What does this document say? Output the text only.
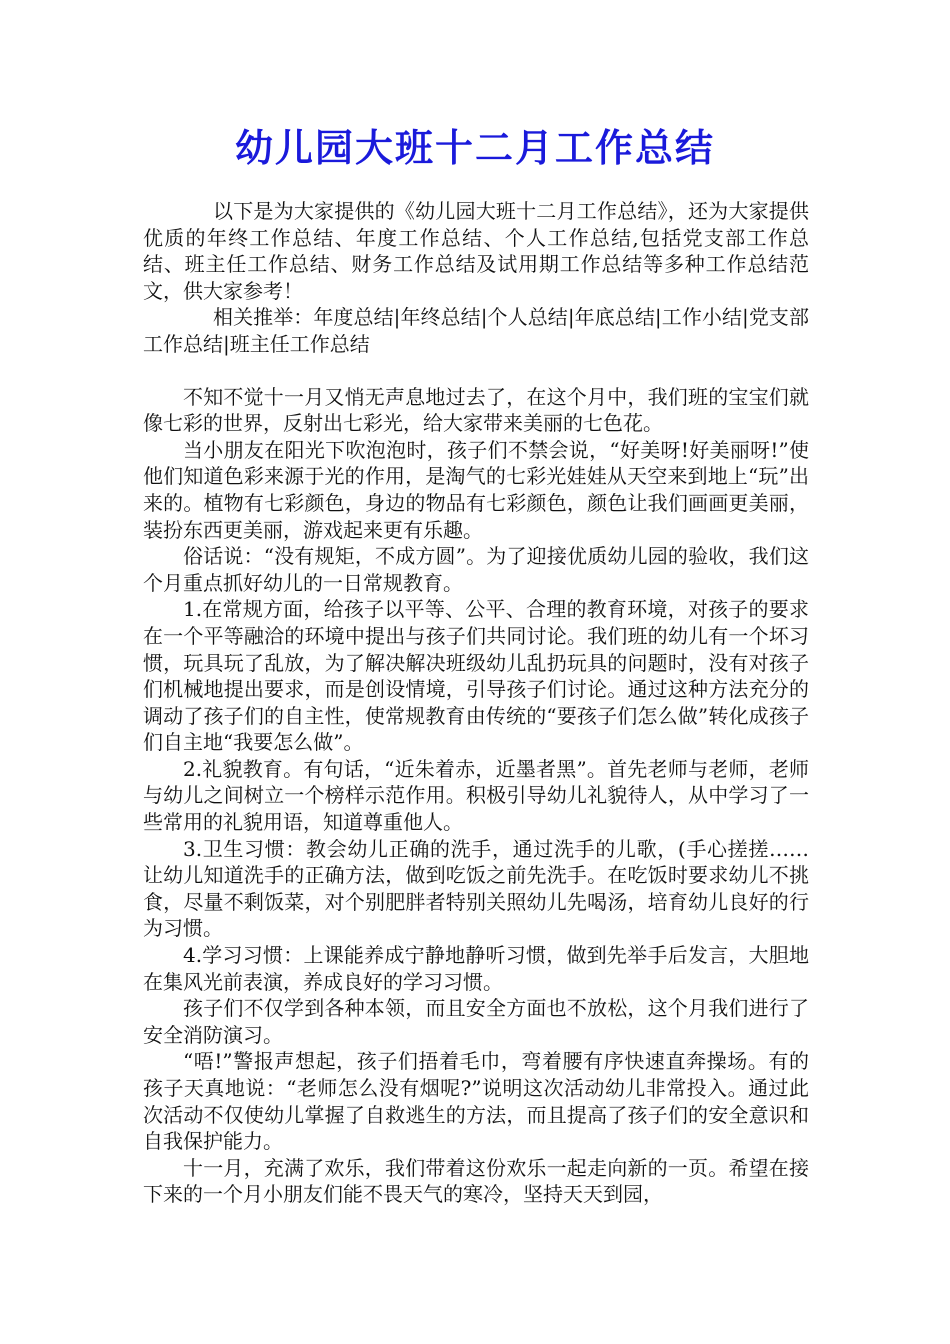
幼儿园大班十二月工作总结

以下是为大家提供的《幼儿园大班十二月工作总结》，还为大家提供优质的年终工作总结、年度工作总结、个人工作总结,包括党支部工作总结、班主任工作总结、财务工作总结及试用期工作总结等多种工作总结范文，供大家参考！

相关推举：年度总结|年终总结|个人总结|年底总结|工作小结|党支部工作总结|班主任工作总结

不知不觉十一月又悄无声息地过去了，在这个月中，我们班的宝宝们就像七彩的世界，反射出七彩光，给大家带来美丽的七色花。

当小朋友在阳光下吹泡泡时，孩子们不禁会说，“好美呀!好美丽呀!”使他们知道色彩来源于光的作用，是淘气的七彩光娃娃从天空来到地上“玩”出来的。植物有七彩颜色，身边的物品有七彩颜色，颜色让我们画画更美丽，装扮东西更美丽，游戏起来更有乐趣。

俗话说：“没有规矩，不成方圆”。为了迎接优质幼儿园的验收，我们这个月重点抓好幼儿的一日常规教育。

1.在常规方面，给孩子以平等、公平、合理的教育环境，对孩子的要求在一个平等融洽的环境中提出与孩子们共同讨论。我们班的幼儿有一个坏习惯，玩具玩了乱放，为了解决解决班级幼儿乱扔玩具的问题时，没有对孩子们机械地提出要求，而是创设情境，引导孩子们讨论。通过这种方法充分的调动了孩子们的自主性，使常规教育由传统的“要孩子们怎么做”转化成孩子们自主地“我要怎么做”。

2.礼貌教育。有句话，“近朱着赤，近墨者黑”。首先老师与老师，老师与幼儿之间树立一个榜样示范作用。积极引导幼儿礼貌待人，从中学习了一些常用的礼貌用语，知道尊重他人。

3.卫生习惯：教会幼儿正确的洗手，通过洗手的儿歌，(手心搓搓……让幼儿知道洗手的正确方法，做到吃饭之前先洗手。在吃饭时要求幼儿不挑食，尽量不剩饭菜，对个别肥胖者特别关照幼儿先喝汤，培育幼儿良好的行为习惯。

4.学习习惯：上课能养成宁静地静听习惯，做到先举手后发言，大胆地在集风光前表演，养成良好的学习习惯。

孩子们不仅学到各种本领，而且安全方面也不放松，这个月我们进行了安全消防演习。

“唔!”警报声想起，孩子们捂着毛巾，弯着腰有序快速直奔操场。有的孩子天真地说：“老师怎么没有烟呢?”说明这次活动幼儿非常投入。通过此次活动不仅使幼儿掌握了自救逃生的方法，而且提高了孩子们的安全意识和自我保护能力。

十一月，充满了欢乐，我们带着这份欢乐一起走向新的一页。希望在接下来的一个月小朋友们能不畏天气的寒冷，坚持天天到园，
